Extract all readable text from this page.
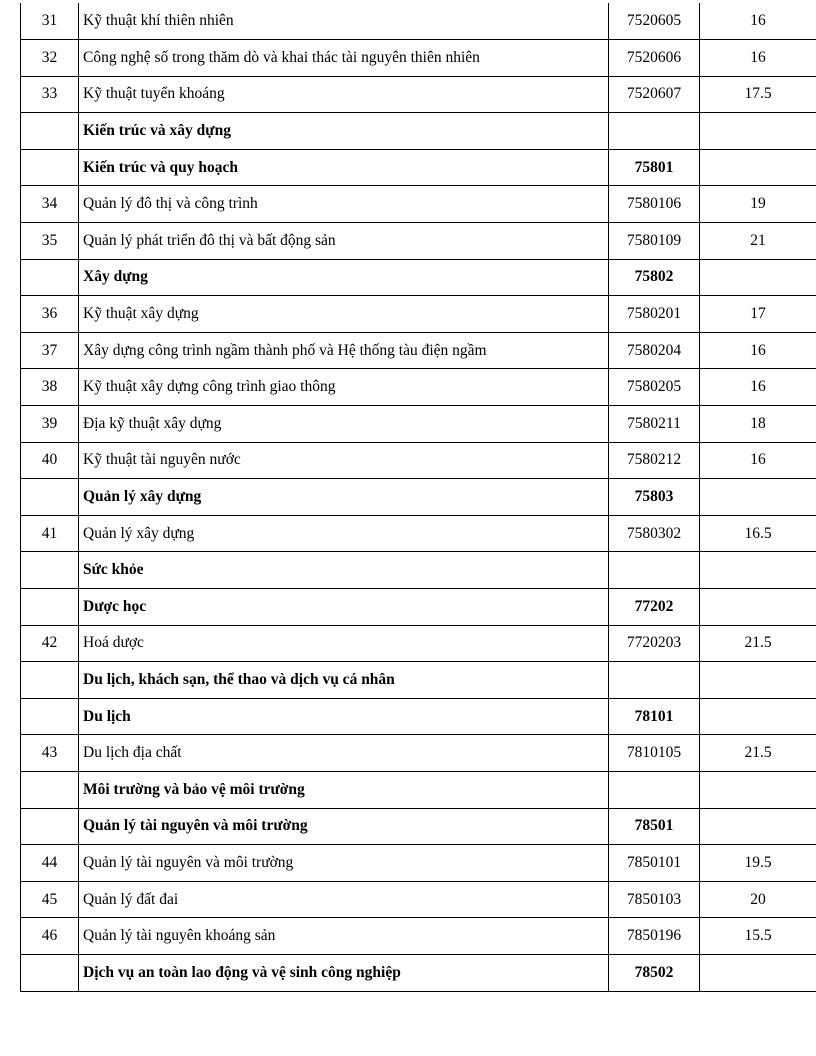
31	Kỹ thuật khí thiên nhiên	7520605	16
32	Công nghệ số trong thăm dò và khai thác tài nguyên thiên nhiên	7520606	16
33	Kỹ thuật tuyển khoáng	7520607	17.5
	Kiến trúc và xây dựng		
	Kiến trúc và quy hoạch	75801	
34	Quản lý đô thị và công trình	7580106	19
35	Quản lý phát triển đô thị và bất động sản	7580109	21
	Xây dựng	75802	
36	Kỹ thuật xây dựng	7580201	17
37	Xây dựng công trình ngầm thành phố và Hệ thống tàu điện ngầm	7580204	16
38	Kỹ thuật xây dựng công trình giao thông	7580205	16
39	Địa kỹ thuật xây dựng	7580211	18
40	Kỹ thuật tài nguyên nước	7580212	16
	Quản lý xây dựng	75803	
41	Quản lý xây dựng	7580302	16.5
	Sức khỏe		
	Dược học	77202	
42	Hoá dược	7720203	21.5
	Du lịch, khách sạn, thể thao và dịch vụ cá nhân		
	Du lịch	78101	
43	Du lịch địa chất	7810105	21.5
	Môi trường và bảo vệ môi trường		
	Quản lý tài nguyên và môi trường	78501	
44	Quản lý tài nguyên và môi trường	7850101	19.5
45	Quản lý đất đai	7850103	20
46	Quản lý tài nguyên khoáng sản	7850196	15.5
	Dịch vụ an toàn lao động và vệ sinh công nghiệp	78502	
